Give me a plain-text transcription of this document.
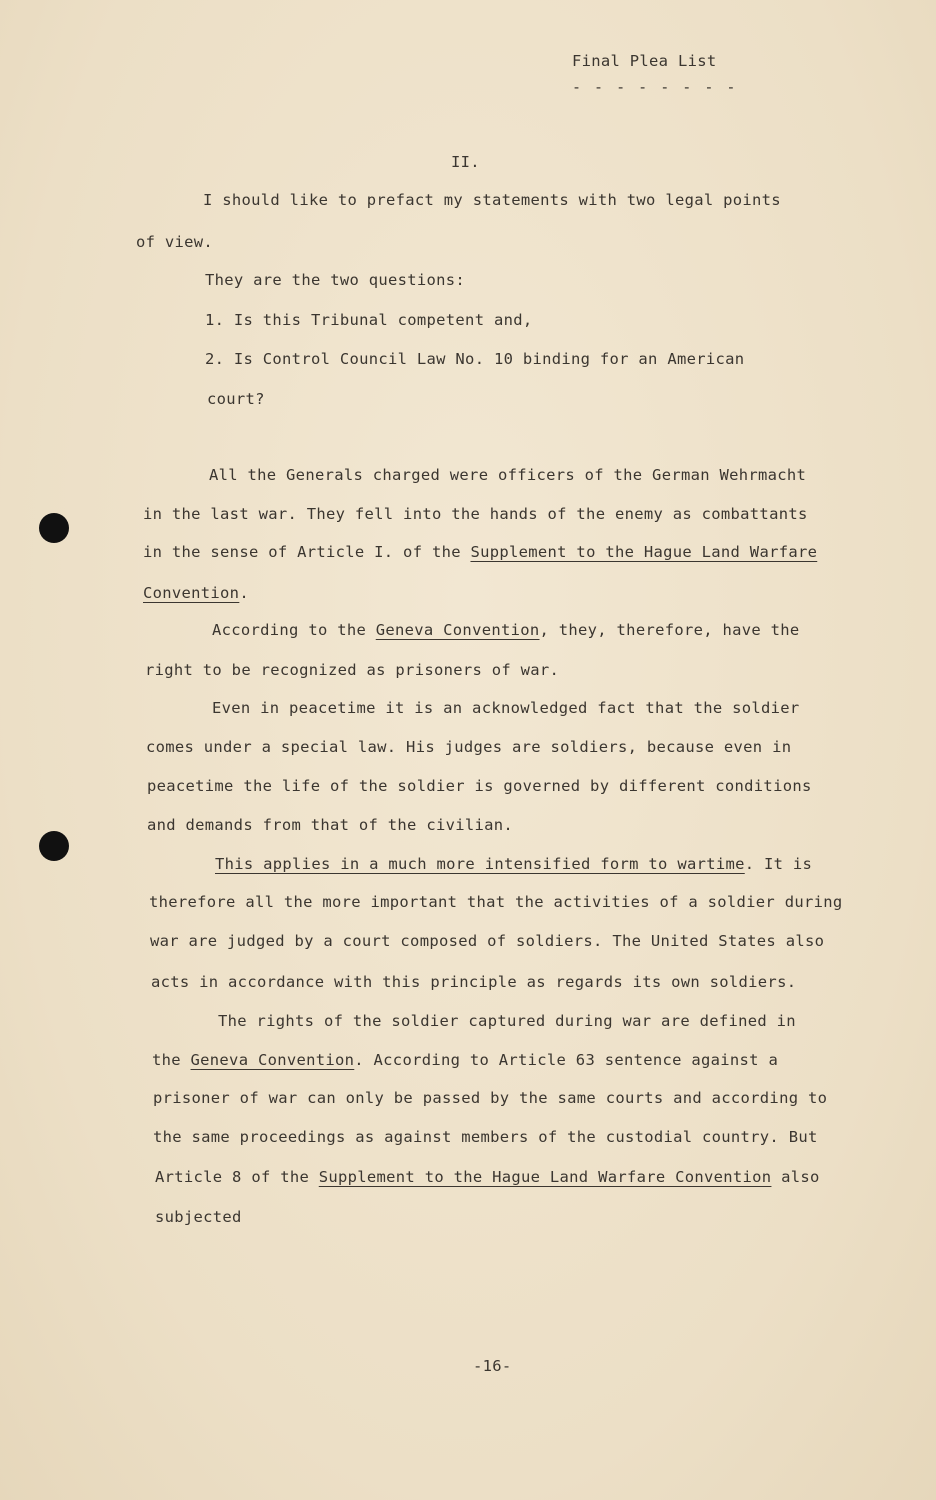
Final Plea List
- - - - - - - -
II.
I should like to prefact my statements with two legal points
of view.
They are the two questions:
1. Is this Tribunal competent and,
2. Is Control Council Law No. 10 binding for an American
court?
All the Generals charged were officers of the German Wehrmacht
in the last war. They fell into the hands of the enemy as combattants
in the sense of Article I. of the Supplement to the Hague Land Warfare
Convention.
According to the Geneva Convention, they, therefore, have the
right to be recognized as prisoners of war.
Even in peacetime it is an acknowledged fact that the soldier
comes under a special law. His judges are soldiers, because even in
peacetime the life of the soldier is governed by different conditions
and demands from that of the civilian.
This applies in a much more intensified form to wartime. It is
therefore all the more important that the activities of a soldier during
war are judged by a court composed of soldiers. The United States also
acts in accordance with this principle as regards its own soldiers.
The rights of the soldier captured during war are defined in
the Geneva Convention. According to Article 63 sentence against a
prisoner of war can only be passed by the same courts and according to
the same proceedings as against members of the custodial country. But
Article 8 of the Supplement to the Hague Land Warfare Convention also
subjected
-16-
